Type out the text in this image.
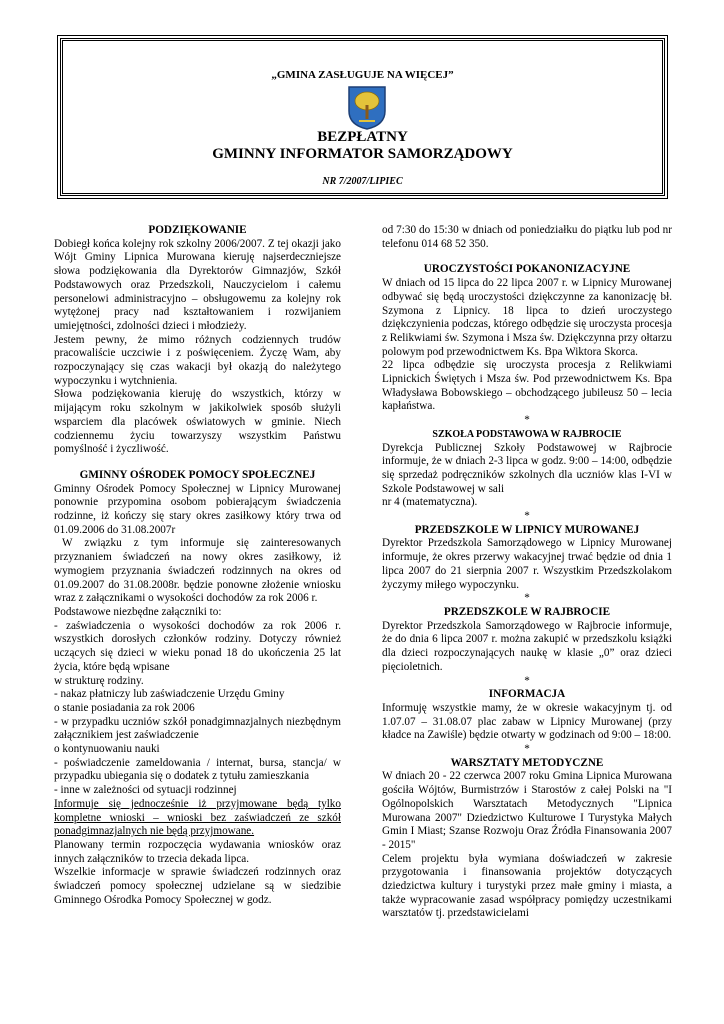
„GMINA ZASŁUGUJE NA WIĘCEJ”
BEZPŁATNY
GMINNY INFORMATOR SAMORZĄDOWY
NR 7/2007/LIPIEC

PODZIĘKOWANIE

Dobiegł końca kolejny rok szkolny 2006/2007. Z tej okazji jako Wójt Gminy Lipnica Murowana kieruję najserdeczniejsze słowa podziękowania dla Dyrektorów Gimnazjów, Szkół Podstawowych oraz Przedszkoli, Nauczycielom i całemu personelowi administracyjno – obsługowemu za kolejny rok wytężonej pracy nad kształtowaniem i rozwijaniem umiejętności, zdolności dzieci i młodzieży.

Jestem pewny, że mimo różnych codziennych trudów pracowaliście uczciwie i z poświęceniem. Życzę Wam, aby rozpoczynający się czas wakacji był okazją do należytego wypoczynku i wytchnienia.

Słowa podziękowania kieruję do wszystkich, którzy w mijającym roku szkolnym w jakikolwiek sposób służyli wsparciem dla placówek oświatowych w gminie. Niech codziennemu życiu towarzyszy wszystkim Państwu pomyślność i życzliwość.

GMINNY OŚRODEK POMOCY SPOŁECZNEJ

Gminny Ośrodek Pomocy Społecznej w Lipnicy Murowanej ponownie przypomina osobom pobierającym świadczenia rodzinne, iż kończy się stary okres zasiłkowy który trwa od 01.09.2006 do 31.08.2007r

W związku z tym informuje się zainteresowanych przyznaniem świadczeń na nowy okres zasiłkowy, iż wymogiem przyznania świadczeń rodzinnych na okres od 01.09.2007 do 31.08.2008r. będzie ponowne złożenie wniosku wraz z załącznikami o wysokości dochodów za rok 2006 r.

Podstawowe niezbędne załączniki to:

- zaświadczenia o wysokości dochodów za rok 2006 r. wszystkich dorosłych członków rodziny. Dotyczy również uczących się dzieci w wieku ponad 18 do ukończenia 25 lat życia, które będą wpisane

w strukturę rodziny.

- nakaz płatniczy lub zaświadczenie Urzędu Gminy

o stanie posiadania za rok 2006

- w przypadku uczniów szkół ponadgimnazjalnych niezbędnym załącznikiem jest zaświadczenie

o kontynuowaniu nauki

- poświadczenie zameldowania / internat, bursa, stancja/ w przypadku ubiegania się o dodatek z tytułu zamieszkania

- inne w zależności od sytuacji rodzinnej

Informuje się jednocześnie iż przyjmowane będą tylko kompletne wnioski – wnioski bez zaświadczeń ze szkół ponadgimnazjalnych nie będą przyjmowane.

Planowany termin rozpoczęcia wydawania wniosków oraz innych załączników to trzecia dekada lipca.

Wszelkie informacje w sprawie świadczeń rodzinnych oraz świadczeń pomocy społecznej udzielane są w siedzibie Gminnego Ośrodka Pomocy Społecznej w godz.

od 7:30 do 15:30 w dniach od poniedziałku do piątku lub pod nr telefonu 014 68 52 350.

UROCZYSTOŚCI POKANONIZACYJNE

W dniach od 15 lipca do 22 lipca 2007 r. w Lipnicy Murowanej odbywać się będą uroczystości dziękczynne za kanonizację bł. Szymona z Lipnicy. 18 lipca to dzień uroczystego dziękczynienia podczas, którego odbędzie się uroczysta procesja z Relikwiami św. Szymona i Msza św. Dziękczynna przy ołtarzu polowym pod przewodnictwem Ks. Bpa Wiktora Skorca.

22 lipca odbędzie się uroczysta procesja z Relikwiami Lipnickich Świętych i Msza św. Pod przewodnictwem Ks. Bpa Władysława Bobowskiego – obchodzącego jubileusz 50 – lecia kapłaństwa.

*

SZKOŁA PODSTAWOWA W RAJBROCIE

Dyrekcja Publicznej Szkoły Podstawowej w Rajbrocie informuje, że w dniach 2-3 lipca w godz. 9:00 – 14:00, odbędzie się sprzedaż podręczników szkolnych dla uczniów klas I-VI w Szkole Podstawowej w sali

nr 4 (matematyczna).

*

PRZEDSZKOLE W LIPNICY MUROWANEJ

Dyrektor Przedszkola Samorządowego w Lipnicy Murowanej informuje, że okres przerwy wakacyjnej trwać będzie od dnia 1 lipca 2007 do 21 sierpnia 2007 r. Wszystkim Przedszkolakom życzymy miłego wypoczynku.

*

PRZEDSZKOLE W RAJBROCIE

Dyrektor Przedszkola Samorządowego w Rajbrocie informuje, że do dnia 6 lipca 2007 r. można zakupić w przedszkolu książki dla dzieci rozpoczynających naukę w klasie „0” oraz dzieci pięcioletnich.

*

INFORMACJA

Informuję wszystkie mamy, że w okresie wakacyjnym tj. od 1.07.07 – 31.08.07 plac zabaw w Lipnicy Murowanej (przy kładce na Zawiśle) będzie otwarty w godzinach od 9:00 – 18:00.

*

WARSZTATY METODYCZNE

W dniach 20 - 22 czerwca 2007 roku Gmina Lipnica Murowana gościła Wójtów, Burmistrzów i Starostów z całej Polski na "I Ogólnopolskich Warsztatach Metodycznych "Lipnica Murowana 2007" Dziedzictwo Kulturowe I Turystyka Małych Gmin I Miast; Szanse Rozwoju Oraz Źródła Finansowania 2007 - 2015"

Celem projektu była wymiana doświadczeń w zakresie przygotowania i finansowania projektów dotyczących dziedzictwa kultury i turystyki przez małe gminy i miasta, a także wypracowanie zasad współpracy pomiędzy uczestnikami warsztatów tj. przedstawicielami
